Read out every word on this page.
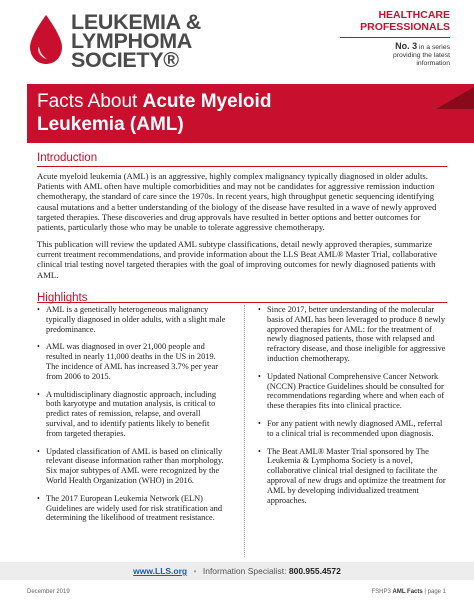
LEUKEMIA &
LYMPHOMA
SOCIETY®
HEALTHCARE
PROFESSIONALS
No. 3 in a series
providing the latest
information
Facts About Acute Myeloid
Leukemia (AML)
Introduction
Acute myeloid leukemia (AML) is an aggressive, highly complex malignancy typically diagnosed in older adults. Patients with AML often have multiple comorbidities and may not be candidates for aggressive remission induction chemotherapy, the standard of care since the 1970s. In recent years, high throughput genetic sequencing identifying causal mutations and a better understanding of the biology of the disease have resulted in a wave of newly approved targeted therapies. These discoveries and drug approvals have resulted in better options and better outcomes for patients, particularly those who may be unable to tolerate aggressive chemotherapy.
This publication will review the updated AML subtype classifications, detail newly approved therapies, summarize current treatment recommendations, and provide information about the LLS Beat AML® Master Trial, collaborative clinical trial testing novel targeted therapies with the goal of improving outcomes for newly diagnosed patients with AML.
Highlights
• AML is a genetically heterogeneous malignancy typically diagnosed in older adults, with a slight male predominance.
• AML was diagnosed in over 21,000 people and resulted in nearly 11,000 deaths in the US in 2019. The incidence of AML has increased 3.7% per year from 2006 to 2015.
• A multidisciplinary diagnostic approach, including both karyotype and mutation analysis, is critical to predict rates of remission, relapse, and overall survival, and to identify patients likely to benefit from targeted therapies.
• Updated classification of AML is based on clinically relevant disease information rather than morphology. Six major subtypes of AML were recognized by the World Health Organization (WHO) in 2016.
• The 2017 European Leukemia Network (ELN) Guidelines are widely used for risk stratification and determining the likelihood of treatment resistance.
• Since 2017, better understanding of the molecular basis of AML has been leveraged to produce 8 newly approved therapies for AML: for the treatment of newly diagnosed patients, those with relapsed and refractory disease, and those ineligible for aggressive induction chemotherapy.
• Updated National Comprehensive Cancer Network (NCCN) Practice Guidelines should be consulted for recommendations regarding where and when each of these therapies fits into clinical practice.
• For any patient with newly diagnosed AML, referral to a clinical trial is recommended upon diagnosis.
• The Beat AML® Master Trial sponsored by The Leukemia & Lymphoma Society is a novel, collaborative clinical trial designed to facilitate the approval of new drugs and optimize the treatment for AML by developing individualized treatment approaches.
www.LLS.org • Information Specialist: 800.955.4572
December 2019	FSHP3 AML Facts | page 1
